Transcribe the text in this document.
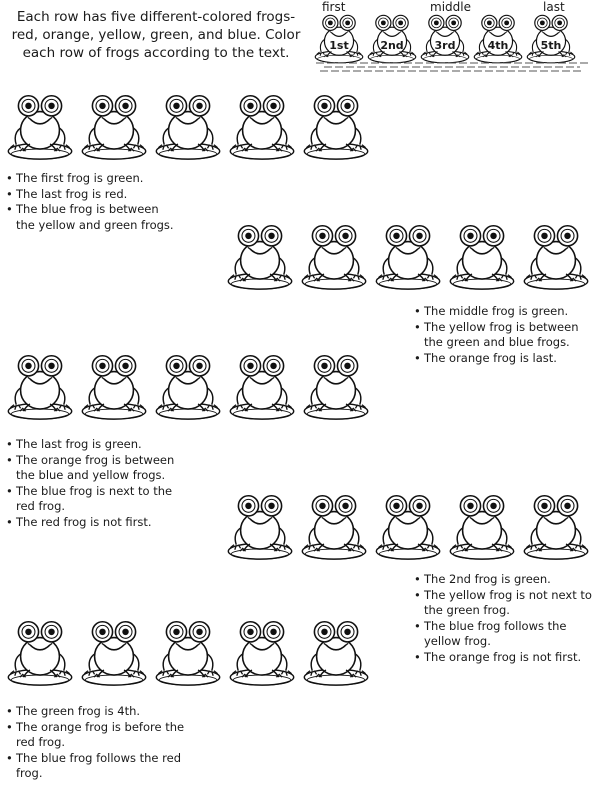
Each row has five different-colored frogs- red, orange, yellow, green, and blue. Color each row of frogs according to the text.
first	middle	last
1st	2nd	3rd	4th	5th
• The first frog is green.
• The last frog is red.
• The blue frog is between the yellow and green frogs.
• The middle frog is green.
• The yellow frog is between the green and blue frogs.
• The orange frog is last.
• The last frog is green.
• The orange frog is between the blue and yellow frogs.
• The blue frog is next to the red frog.
• The red frog is not first.
• The 2nd frog is green.
• The yellow frog is not next to the green frog.
• The blue frog follows the yellow frog.
• The orange frog is not first.
• The green frog is 4th.
• The orange frog is before the red frog.
• The blue frog follows the red frog.
